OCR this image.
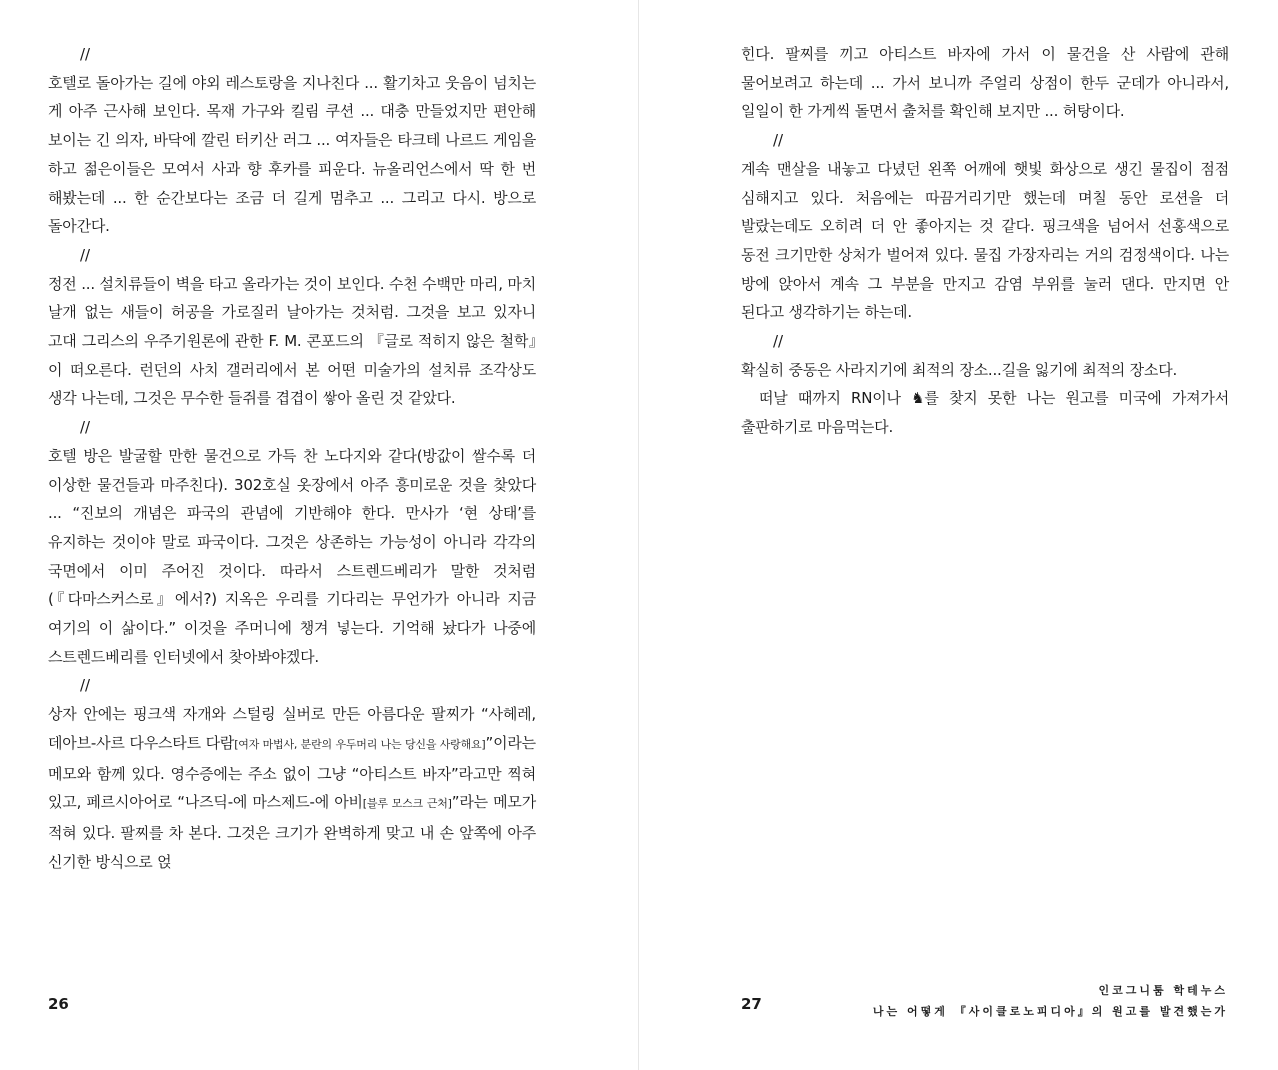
//

호텔로 돌아가는 길에 야외 레스토랑을 지나친다 ... 활기차고 웃음이 넘치는 게 아주 근사해 보인다. 목재 가구와 킬림 쿠션 ... 대충 만들었지만 편안해 보이는 긴 의자, 바닥에 깔린 터키산 러그 ... 여자들은 타크테 나르드 게임을 하고 젊은이들은 모여서 사과 향 후카를 피운다. 뉴올리언스에서 딱 한 번 해봤는데 ... 한 순간보다는 조금 더 길게 멈추고 ... 그리고 다시. 방으로 돌아간다.

//

정전 ... 설치류들이 벽을 타고 올라가는 것이 보인다. 수천 수백만 마리, 마치 날개 없는 새들이 허공을 가로질러 날아가는 것처럼. 그것을 보고 있자니 고대 그리스의 우주기원론에 관한 F. M. 콘포드의 『글로 적히지 않은 철학』이 떠오른다. 런던의 사치 갤러리에서 본 어떤 미술가의 설치류 조각상도 생각 나는데, 그것은 무수한 들쥐를 겹겹이 쌓아 올린 것 같았다.

//

호텔 방은 발굴할 만한 물건으로 가득 찬 노다지와 같다(방값이 쌀수록 더 이상한 물건들과 마주친다). 302호실 옷장에서 아주 흥미로운 것을 찾았다 ... “진보의 개념은 파국의 관념에 기반해야 한다. 만사가 ‘현 상태’를 유지하는 것이야 말로 파국이다. 그것은 상존하는 가능성이 아니라 각각의 국면에서 이미 주어진 것이다. 따라서 스트렌드베리가 말한 것처럼 (『다마스커스로』에서?) 지옥은 우리를 기다리는 무언가가 아니라 지금 여기의 이 삶이다.” 이것을 주머니에 챙겨 넣는다. 기억해 놨다가 나중에 스트렌드베리를 인터넷에서 찾아봐야겠다.

//

상자 안에는 핑크색 자개와 스털링 실버로 만든 아름다운 팔찌가 “사헤레, 데아브-사르 다우스타트 다람[여자 마법사, 분란의 우두머리 나는 당신을 사랑해요]”이라는 메모와 함께 있다. 영수증에는 주소 없이 그냥 “아티스트 바자”라고만 찍혀 있고, 페르시아어로 “나즈딕-에 마스제드-에 아비[블루 모스크 근처]”라는 메모가 적혀 있다. 팔찌를 차 본다. 그것은 크기가 완벽하게 맞고 내 손 앞쪽에 아주 신기한 방식으로 얹

26

힌다. 팔찌를 끼고 아티스트 바자에 가서 이 물건을 산 사람에 관해 물어보려고 하는데 ... 가서 보니까 주얼리 상점이 한두 군데가 아니라서, 일일이 한 가게씩 돌면서 출처를 확인해 보지만 ... 허탕이다.

//

계속 맨살을 내놓고 다녔던 왼쪽 어깨에 햇빛 화상으로 생긴 물집이 점점 심해지고 있다. 처음에는 따끔거리기만 했는데 며칠 동안 로션을 더 발랐는데도 오히려 더 안 좋아지는 것 같다. 핑크색을 넘어서 선홍색으로 동전 크기만한 상처가 벌어져 있다. 물집 가장자리는 거의 검정색이다. 나는 방에 앉아서 계속 그 부분을 만지고 감염 부위를 눌러 댄다. 만지면 안 된다고 생각하기는 하는데.

//

확실히 중동은 사라지기에 최적의 장소...길을 잃기에 최적의 장소다.

떠날 때까지 RN이나 ♞를 찾지 못한 나는 원고를 미국에 가져가서 출판하기로 마음먹는다.

27
인코그니툼 학테누스
나는 어떻게 『사이클로노피디아』의 원고를 발견했는가
